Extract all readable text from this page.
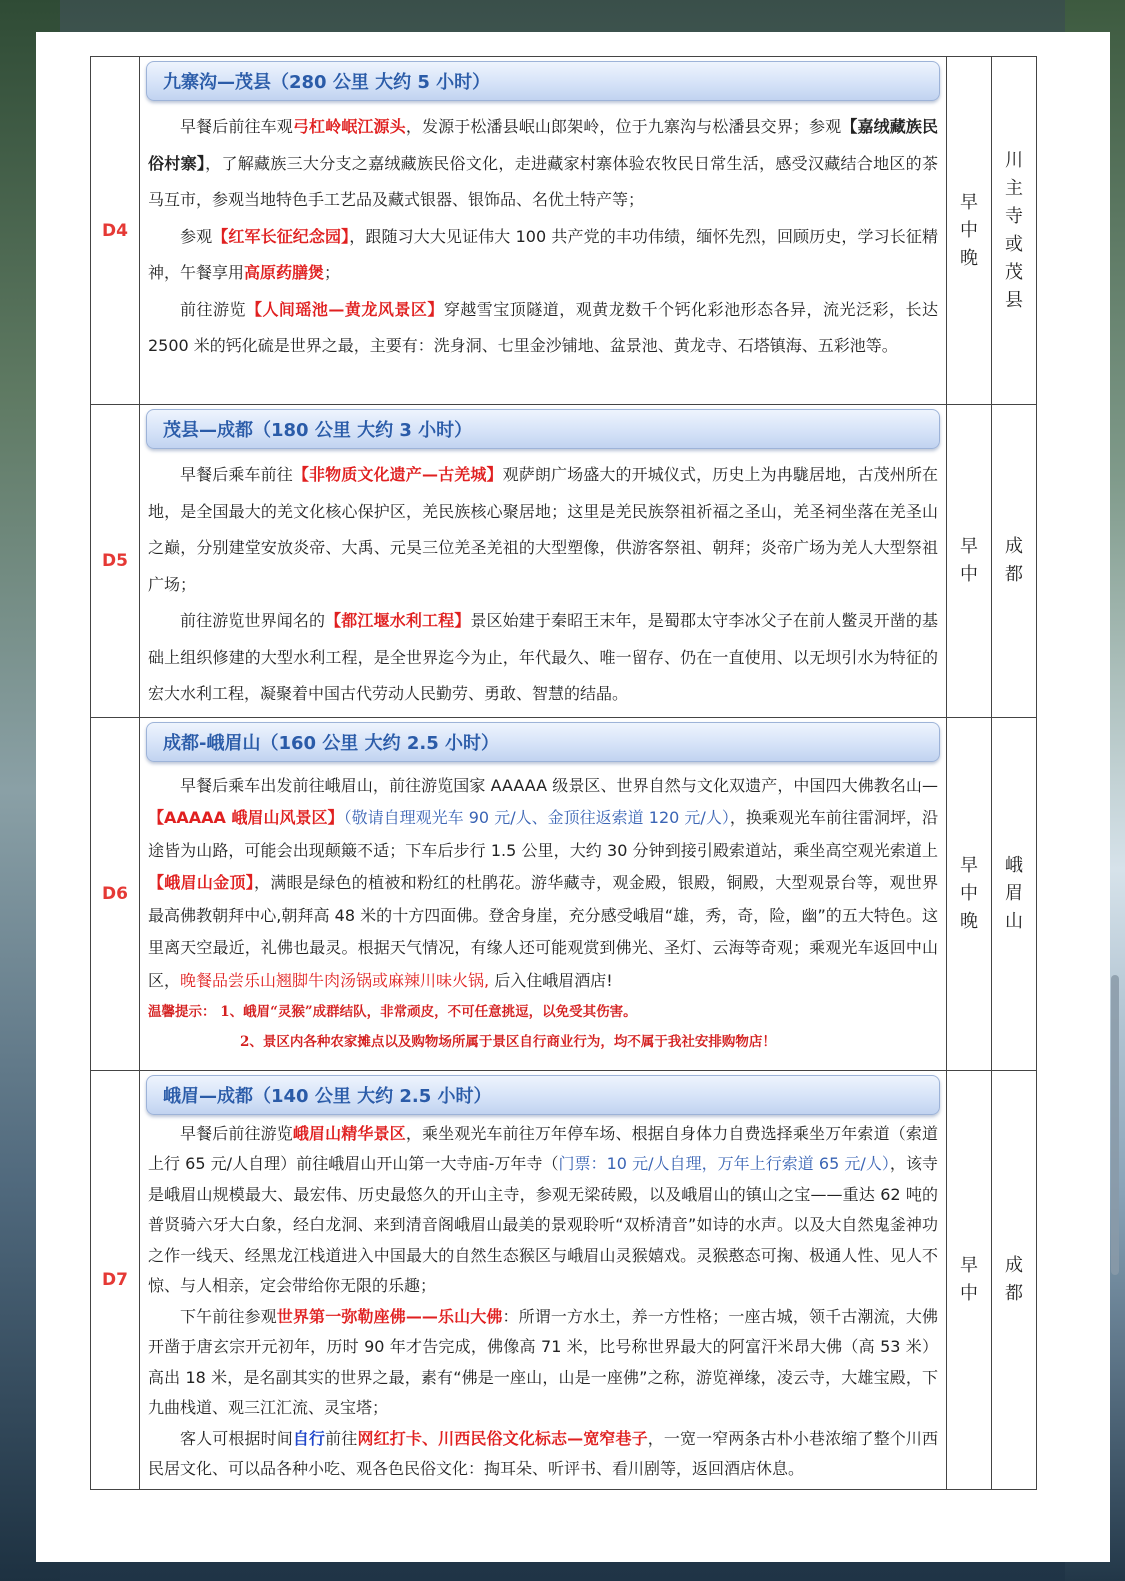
D4	九寨沟—茂县（280 公里 大约 5 小时）

早餐后前往车观弓杠岭岷江源头，发源于松潘县岷山郎架岭，位于九寨沟与松潘县交界；参观【嘉绒藏族民俗村寨】，了解藏族三大分支之嘉绒藏族民俗文化，走进藏家村寨体验农牧民日常生活，感受汉藏结合地区的茶马互市，参观当地特色手工艺品及藏式银器、银饰品、名优土特产等；

参观【红军长征纪念园】，跟随习大大见证伟大 100 共产党的丰功伟绩，缅怀先烈，回顾历史，学习长征精神，午餐享用高原药膳煲；

前往游览【人间瑶池—黄龙风景区】穿越雪宝顶隧道，观黄龙数千个钙化彩池形态各异，流光泛彩，长达 2500 米的钙化硫是世界之最，主要有：洗身洞、七里金沙铺地、盆景池、黄龙寺、石塔镇海、五彩池等。	早中晚	川主寺或茂县
D5	茂县—成都（180 公里 大约 3 小时）

早餐后乘车前往【非物质文化遗产—古羌城】观萨朗广场盛大的开城仪式，历史上为冉駹居地，古茂州所在地，是全国最大的羌文化核心保护区，羌民族核心聚居地；这里是羌民族祭祖祈福之圣山，羌圣祠坐落在羌圣山之巅，分别建堂安放炎帝、大禹、元昊三位羌圣羌祖的大型塑像，供游客祭祖、朝拜；炎帝广场为羌人大型祭祖广场；

前往游览世界闻名的【都江堰水利工程】景区始建于秦昭王末年，是蜀郡太守李冰父子在前人鳖灵开凿的基础上组织修建的大型水利工程，是全世界迄今为止，年代最久、唯一留存、仍在一直使用、以无坝引水为特征的宏大水利工程，凝聚着中国古代劳动人民勤劳、勇敢、智慧的结晶。	早中	成都
D6	成都-峨眉山（160 公里 大约 2.5 小时）

早餐后乘车出发前往峨眉山，前往游览国家 AAAAA 级景区、世界自然与文化双遗产，中国四大佛教名山—【AAAAA 峨眉山风景区】（敬请自理观光车 90 元/人、金顶往返索道 120 元/人），换乘观光车前往雷洞坪，沿途皆为山路，可能会出现颠簸不适；下车后步行 1.5 公里，大约 30 分钟到接引殿索道站，乘坐高空观光索道上【峨眉山金顶】，满眼是绿色的植被和粉红的杜鹃花。游华藏寺，观金殿，银殿，铜殿，大型观景台等，观世界最高佛教朝拜中心,朝拜高 48 米的十方四面佛。登舍身崖，充分感受峨眉“雄，秀，奇，险，幽”的五大特色。这里离天空最近，礼佛也最灵。根据天气情况，有缘人还可能观赏到佛光、圣灯、云海等奇观；乘观光车返回中山区，晚餐品尝乐山翘脚牛肉汤锅或麻辣川味火锅, 后入住峨眉酒店!

温馨提示： 1、峨眉“灵猴”成群结队，非常顽皮，不可任意挑逗，以免受其伤害。

2、景区内各种农家摊点以及购物场所属于景区自行商业行为，均不属于我社安排购物店！	早中晚	峨眉山
D7	峨眉—成都（140 公里 大约 2.5 小时）

早餐后前往游览峨眉山精华景区，乘坐观光车前往万年停车场、根据自身体力自费选择乘坐万年索道（索道上行 65 元/人自理）前往峨眉山开山第一大寺庙-万年寺（门票：10 元/人自理，万年上行索道 65 元/人），该寺是峨眉山规模最大、最宏伟、历史最悠久的开山主寺，参观无梁砖殿，以及峨眉山的镇山之宝——重达 62 吨的普贤骑六牙大白象，经白龙洞、来到清音阁峨眉山最美的景观聆听“双桥清音”如诗的水声。以及大自然鬼釜神功之作一线天、经黑龙江栈道进入中国最大的自然生态猴区与峨眉山灵猴嬉戏。灵猴憨态可掬、极通人性、见人不惊、与人相亲，定会带给你无限的乐趣；

下午前往参观世界第一弥勒座佛——乐山大佛：所谓一方水土，养一方性格；一座古城，领千古潮流，大佛开凿于唐玄宗开元初年，历时 90 年才告完成，佛像高 71 米，比号称世界最大的阿富汗米昂大佛（高 53 米）高出 18 米，是名副其实的世界之最，素有“佛是一座山，山是一座佛”之称，游览禅缘，凌云寺，大雄宝殿，下九曲栈道、观三江汇流、灵宝塔；

客人可根据时间自行前往网红打卡、川西民俗文化标志—宽窄巷子，一宽一窄两条古朴小巷浓缩了整个川西民居文化、可以品各种小吃、观各色民俗文化：掏耳朵、听评书、看川剧等，返回酒店休息。	早中	成都
